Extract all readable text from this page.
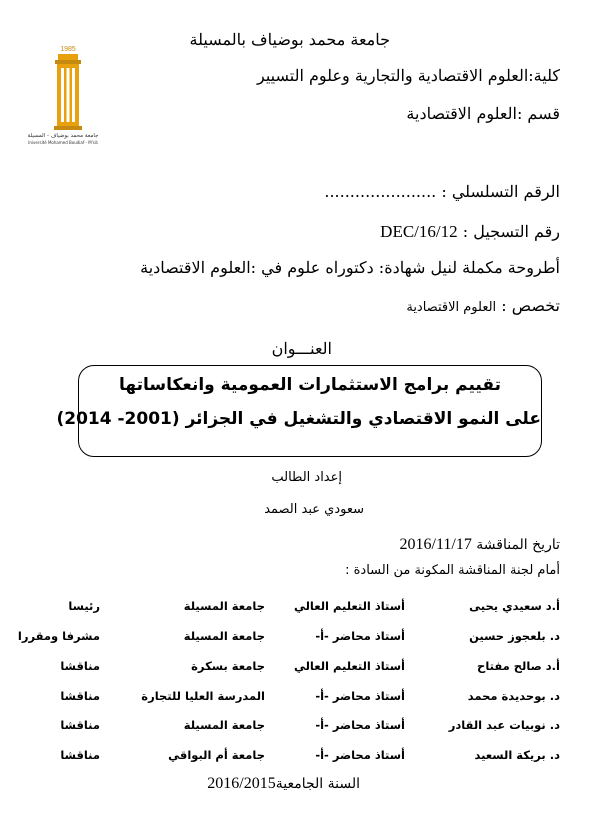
1985
جامعة محمد بوضياف - المسيلة
Université Mohamed Boudiaf - M'sila
جامعة محمد بوضياف بالمسيلة
كلية:العلوم الاقتصادية والتجارية وعلوم التسيير
قسم :العلوم الاقتصادية
الرقم التسلسلي : ......................
رقم التسجيل : DEC/16/12
أطروحة مكملة لنيل شهادة: دكتوراه علوم في :العلوم الاقتصادية
تخصص : العلوم الاقتصادية
العنـــوان
تقييم برامج الاستثمارات العمومية وانعكاساتها
على النمو الاقتصادي والتشغيل في الجزائر (2001- 2014)
إعداد الطالب
سعودي عبد الصمد
تاريخ المناقشة 2016/11/17
أمام لجنة المناقشة المكونة من السادة :
أ.د سعيدي يحيى
أستاذ التعليم العالي
جامعة المسيلة
رئيسا
د. بلعجوز حسين
أستاذ محاضر -أ-
جامعة المسيلة
مشرفا ومقررا
أ.د صالح مفتاح
أستاذ التعليم العالي
جامعة بسكرة
مناقشا
د. بوحديدة محمد
أستاذ محاضر -أ-
المدرسة العليا للتجارة
مناقشا
د. نوبيات عبد القادر
أستاذ محاضر -أ-
جامعة المسيلة
مناقشا
د. بريكة السعيد
أستاذ محاضر -أ-
جامعة أم البواقي
مناقشا
السنة الجامعية2016/2015
